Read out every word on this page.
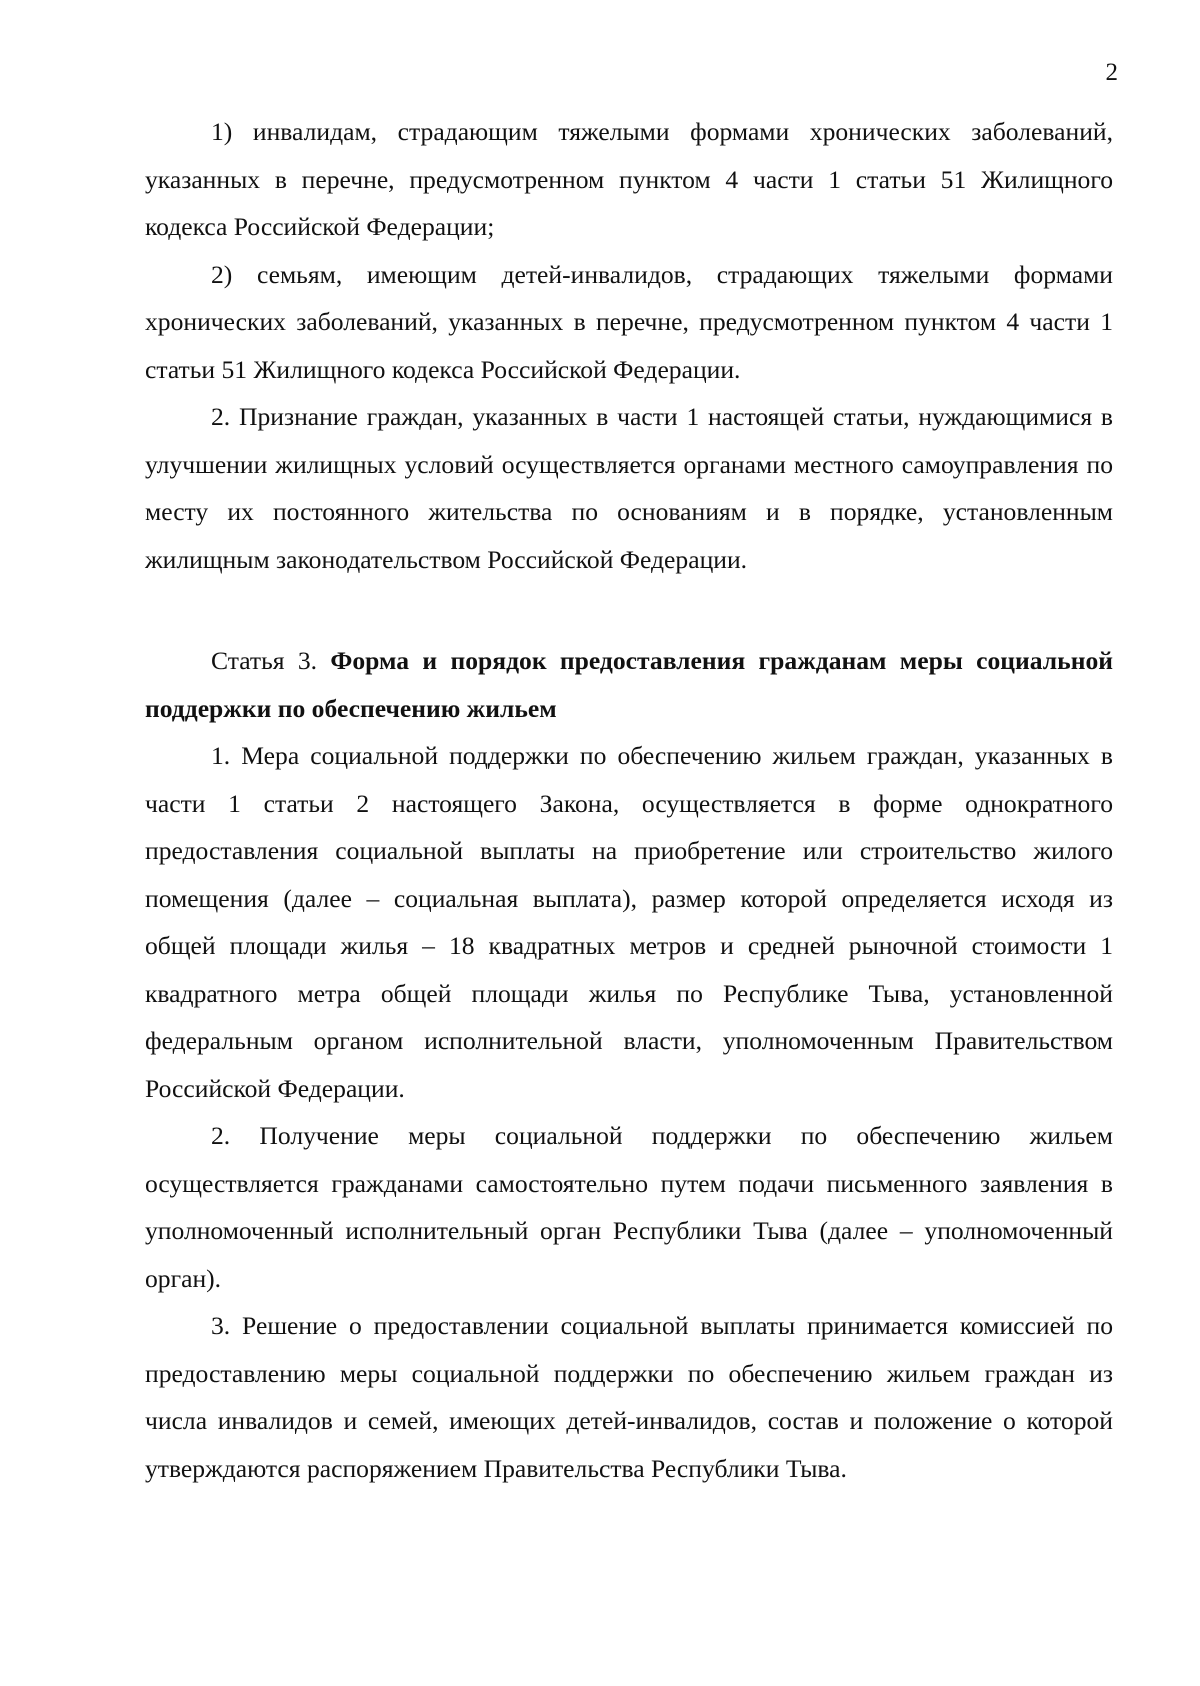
2

1) инвалидам, страдающим тяжелыми формами хронических заболеваний, указанных в перечне, предусмотренном пунктом 4 части 1 статьи 51 Жилищного кодекса Российской Федерации;

2) семьям, имеющим детей-инвалидов, страдающих тяжелыми формами хронических заболеваний, указанных в перечне, предусмотренном пунктом 4 части 1 статьи 51 Жилищного кодекса Российской Федерации.

2. Признание граждан, указанных в части 1 настоящей статьи, нуждающимися в улучшении жилищных условий осуществляется органами местного самоуправления по месту их постоянного жительства по основаниям и в порядке, установленным жилищным законодательством Российской Федерации.

Статья 3. Форма и порядок предоставления гражданам меры социальной поддержки по обеспечению жильем

1. Мера социальной поддержки по обеспечению жильем граждан, указанных в части 1 статьи 2 настоящего Закона, осуществляется в форме однократного предоставления социальной выплаты на приобретение или строительство жилого помещения (далее – социальная выплата), размер которой определяется исходя из общей площади жилья – 18 квадратных метров и средней рыночной стоимости 1 квадратного метра общей площади жилья по Республике Тыва, установленной федеральным органом исполнительной власти, уполномоченным Правительством Российской Федерации.

2. Получение меры социальной поддержки по обеспечению жильем осуществляется гражданами самостоятельно путем подачи письменного заявления в уполномоченный исполнительный орган Республики Тыва (далее – уполномоченный орган).

3. Решение о предоставлении социальной выплаты принимается комиссией по предоставлению меры социальной поддержки по обеспечению жильем граждан из числа инвалидов и семей, имеющих детей-инвалидов, состав и положение о которой утверждаются распоряжением Правительства Республики Тыва.
